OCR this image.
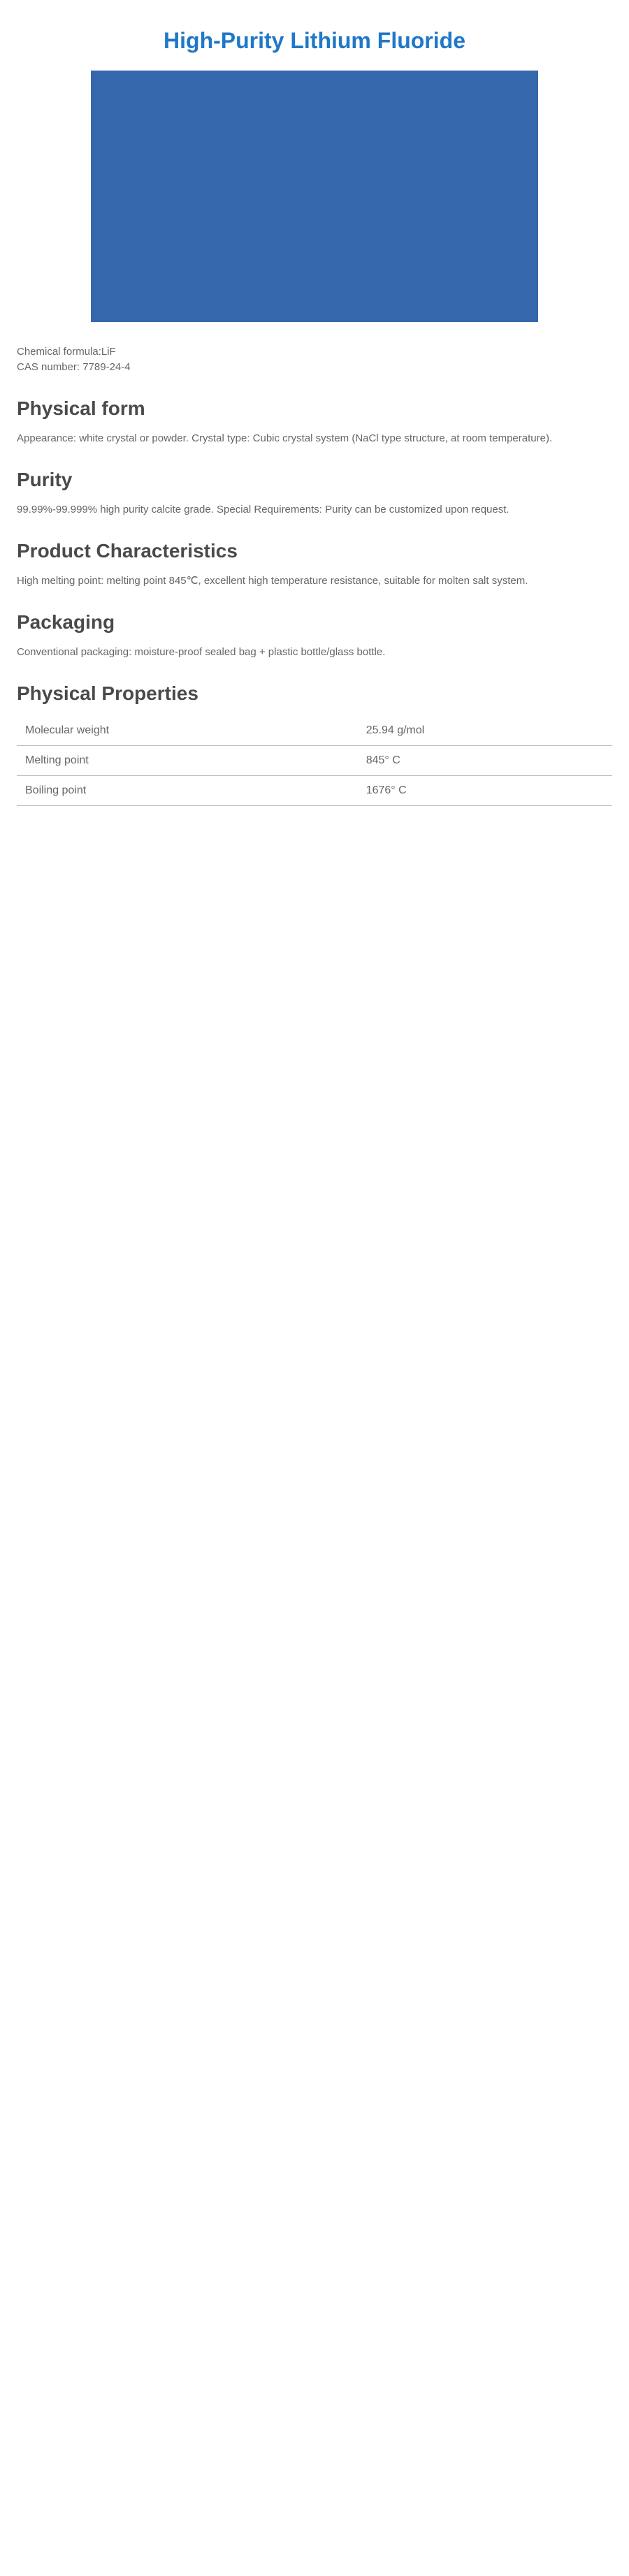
High-Purity Lithium Fluoride

Chemical formula:LiF

CAS number: 7789-24-4

Physical form

Appearance: white crystal or powder. Crystal type: Cubic crystal system (NaCl type structure, at room temperature).

Purity

99.99%-99.999% high purity calcite grade. Special Requirements: Purity can be customized upon request.

Product Characteristics

High melting point: melting point 845℃, excellent high temperature resistance, suitable for molten salt system.

Packaging

Conventional packaging: moisture-proof sealed bag + plastic bottle/glass bottle.

Physical Properties
Molecular weight	25.94 g/mol
Melting point	845° C
Boiling point	1676° C
